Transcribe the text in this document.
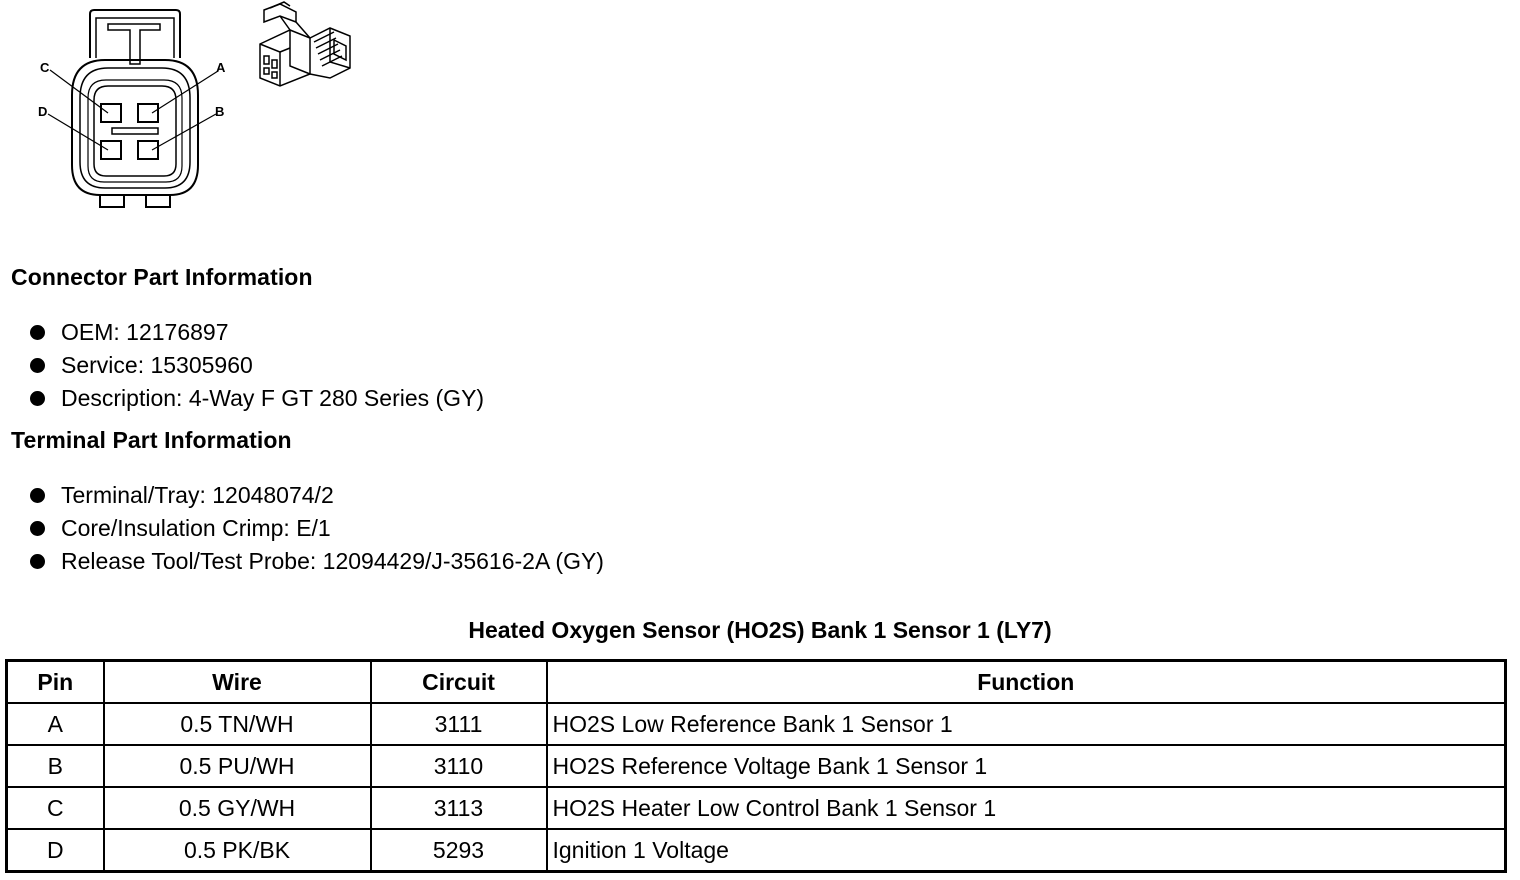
C	A
D	B
Connector Part Information
OEM: 12176897
Service: 15305960
Description: 4-Way F GT 280 Series (GY)
Terminal Part Information
Terminal/Tray: 12048074/2
Core/Insulation Crimp: E/1
Release Tool/Test Probe: 12094429/J-35616-2A (GY)
Heated Oxygen Sensor (HO2S) Bank 1 Sensor 1 (LY7)
Pin	Wire	Circuit	Function
A	0.5 TN/WH	3111	HO2S Low Reference Bank 1 Sensor 1
B	0.5 PU/WH	3110	HO2S Reference Voltage Bank 1 Sensor 1
C	0.5 GY/WH	3113	HO2S Heater Low Control Bank 1 Sensor 1
D	0.5 PK/BK	5293	Ignition 1 Voltage
